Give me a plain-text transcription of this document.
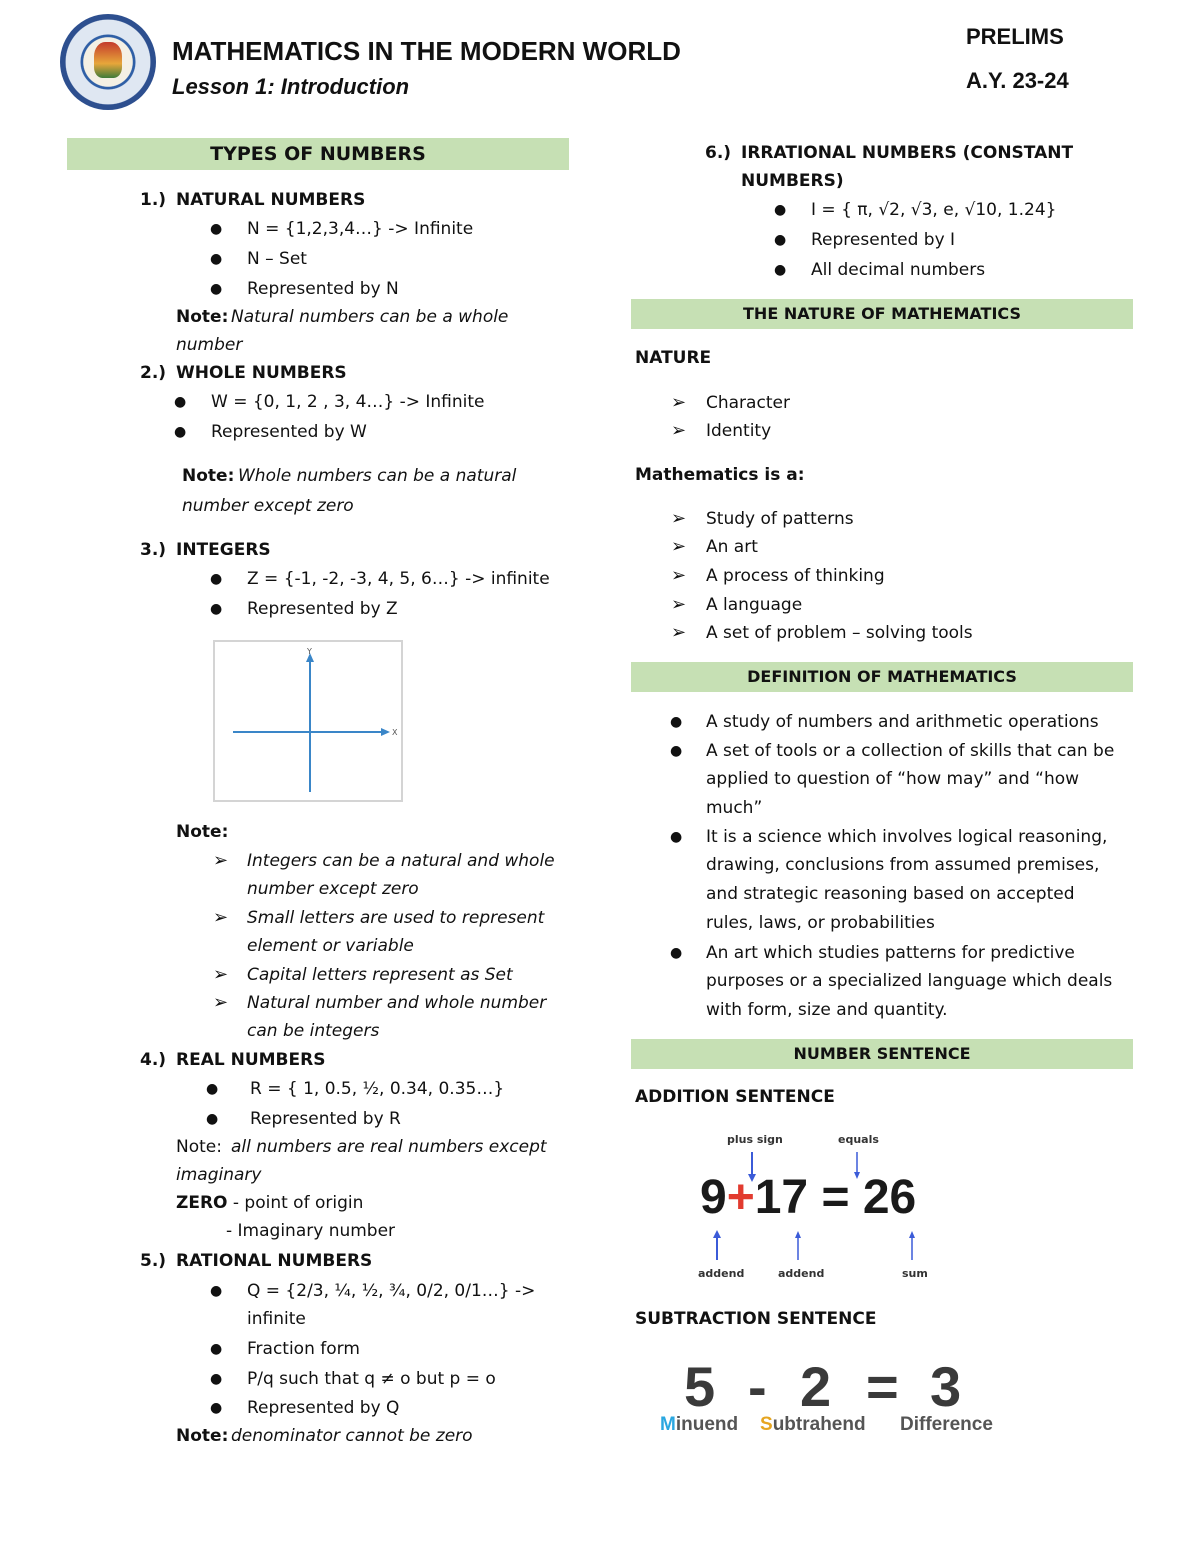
MATHEMATICS IN THE MODERN WORLD
Lesson 1: Introduction
PRELIMS
A.Y. 23-24
TYPES OF NUMBERS
1.) NATURAL NUMBERS
● N = {1,2,3,4…} -> Infinite
● N – Set
● Represented by N
Note: Natural numbers can be a whole
number
2.) WHOLE NUMBERS
● W = {0, 1, 2 , 3, 4…} -> Infinite
● Represented by W
Note: Whole numbers can be a natural
number except zero
3.) INTEGERS
● Z = {-1, -2, -3, 4, 5, 6…} -> infinite
● Represented by Z
Y
X
Note:
➢ Integers can be a natural and whole
number except zero
➢ Small letters are used to represent
element or variable
➢ Capital letters represent as Set
➢ Natural number and whole number
can be integers
4.) REAL NUMBERS
● R = { 1, 0.5, ½, 0.34, 0.35…}
● Represented by R
Note: all numbers are real numbers except
imaginary
ZERO - point of origin
- Imaginary number
5.) RATIONAL NUMBERS
● Q = {2/3, ¼, ½, ¾, 0/2, 0/1…} ->
infinite
● Fraction form
● P/q such that q ≠ o but p = o
● Represented by Q
Note: denominator cannot be zero
6.) IRRATIONAL NUMBERS (CONSTANT
NUMBERS)
● I = { π, √2, √3, e, √10, 1.24}
● Represented by I
● All decimal numbers
THE NATURE OF MATHEMATICS
NATURE
➢ Character
➢ Identity
Mathematics is a:
➢ Study of patterns
➢ An art
➢ A process of thinking
➢ A language
➢ A set of problem – solving tools
DEFINITION OF MATHEMATICS
● A study of numbers and arithmetic operations
● A set of tools or a collection of skills that can be
applied to question of “how may” and “how
much”
● It is a science which involves logical reasoning,
drawing, conclusions from assumed premises,
and strategic reasoning based on accepted
rules, laws, or probabilities
● An art which studies patterns for predictive
purposes or a specialized language which deals
with form, size and quantity.
NUMBER SENTENCE
ADDITION SENTENCE
plus sign	equals
9+17 = 26
addend	addend	sum
SUBTRACTION SENTENCE
5 - 2 = 3
Minuend Subtrahend Difference
